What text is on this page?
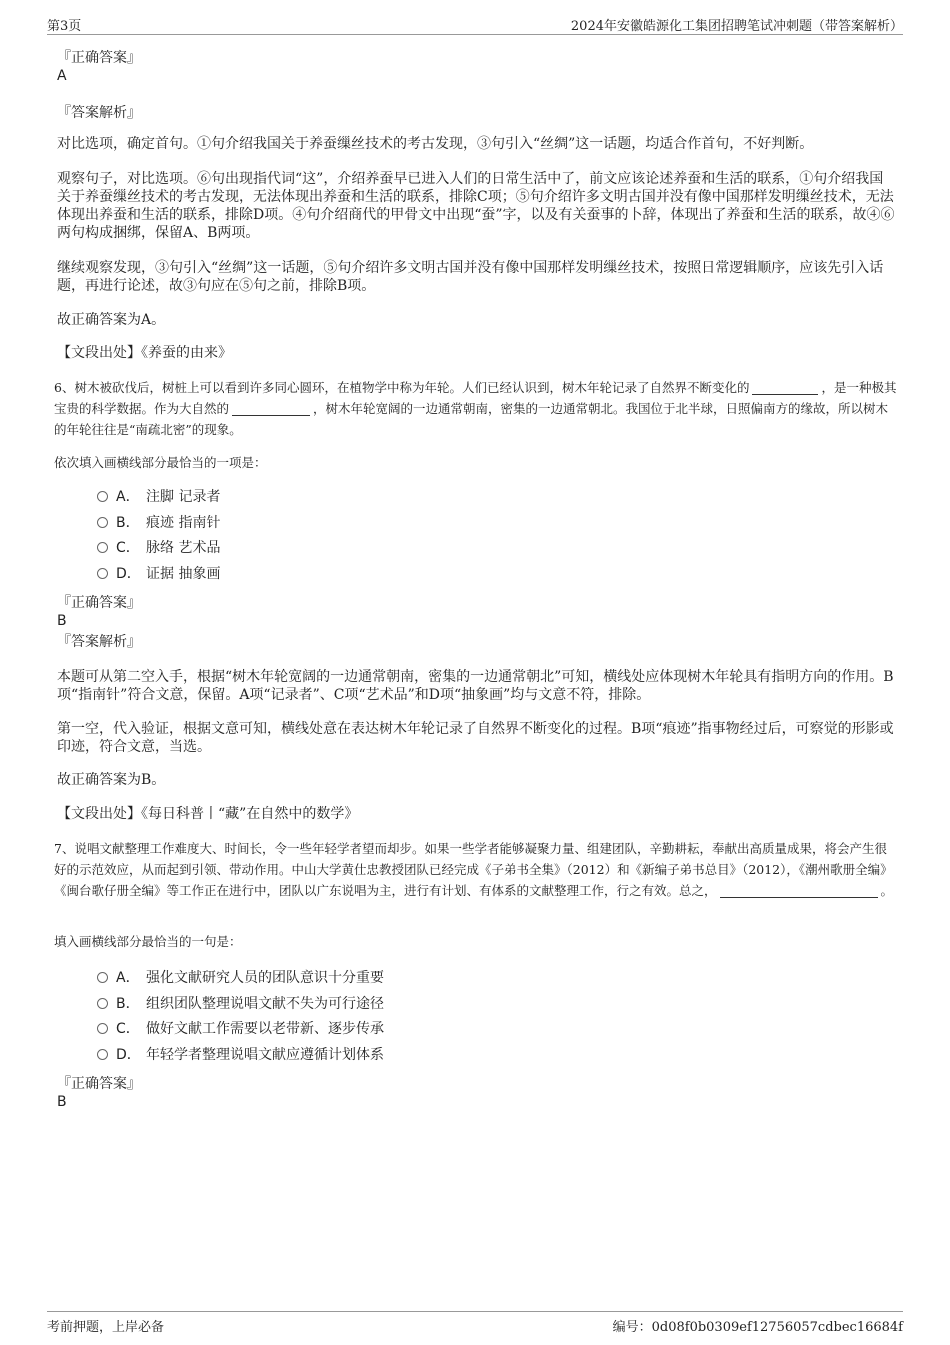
第3页	2024年安徽皓源化工集团招聘笔试冲刺题（带答案解析）
『正确答案』
A
『答案解析』
对比选项，确定首句。①句介绍我国关于养蚕缫丝技术的考古发现，③句引入“丝绸”这一话题，均适合作首句，不好判断。
观察句子，对比选项。⑥句出现指代词“这”，介绍养蚕早已进入人们的日常生活中了，前文应该论述养蚕和生活的联系，①句介绍我国关于养蚕缫丝技术的考古发现，无法体现出养蚕和生活的联系，排除C项；⑤句介绍许多文明古国并没有像中国那样发明缫丝技术，无法体现出养蚕和生活的联系，排除D项。④句介绍商代的甲骨文中出现“蚕”字，以及有关蚕事的卜辞，体现出了养蚕和生活的联系，故④⑥两句构成捆绑，保留A、B两项。
继续观察发现，③句引入“丝绸”这一话题，⑤句介绍许多文明古国并没有像中国那样发明缫丝技术，按照日常逻辑顺序，应该先引入话题，再进行论述，故③句应在⑤句之前，排除B项。
故正确答案为A。
【文段出处】《养蚕的由来》
6、树木被砍伐后，树桩上可以看到许多同心圆环，在植物学中称为年轮。人们已经认识到，树木年轮记录了自然界不断变化的	，是一种极其宝贵的科学数据。作为大自然的	，树木年轮宽阔的一边通常朝南，密集的一边通常朝北。我国位于北半球，日照偏南方的缘故，所以树木的年轮往往是“南疏北密”的现象。
依次填入画横线部分最恰当的一项是：
A． 注脚 记录者
B． 痕迹 指南针
C． 脉络 艺术品
D． 证据 抽象画
『正确答案』
B
『答案解析』
本题可从第二空入手，根据“树木年轮宽阔的一边通常朝南，密集的一边通常朝北”可知，横线处应体现树木年轮具有指明方向的作用。B项“指南针”符合文意，保留。A项“记录者”、C项“艺术品”和D项“抽象画”均与文意不符，排除。
第一空，代入验证，根据文意可知，横线处意在表达树木年轮记录了自然界不断变化的过程。B项“痕迹”指事物经过后，可察觉的形影或印迹，符合文意，当选。
故正确答案为B。
【文段出处】《每日科普丨“藏”在自然中的数学》
7、说唱文献整理工作难度大、时间长，令一些年轻学者望而却步。如果一些学者能够凝聚力量、组建团队，辛勤耕耘，奉献出高质量成果，将会产生很好的示范效应，从而起到引领、带动作用。中山大学黄仕忠教授团队已经完成《子弟书全集》（2012）和《新编子弟书总目》（2012），《潮州歌册全编》《闽台歌仔册全编》等工作正在进行中，团队以广东说唱为主，进行有计划、有体系的文献整理工作，行之有效。总之，	。
填入画横线部分最恰当的一句是：
A． 强化文献研究人员的团队意识十分重要
B． 组织团队整理说唱文献不失为可行途径
C． 做好文献工作需要以老带新、逐步传承
D． 年轻学者整理说唱文献应遵循计划体系
『正确答案』
B
考前押题，上岸必备	编号：0d08f0b0309ef12756057cdbec16684f
